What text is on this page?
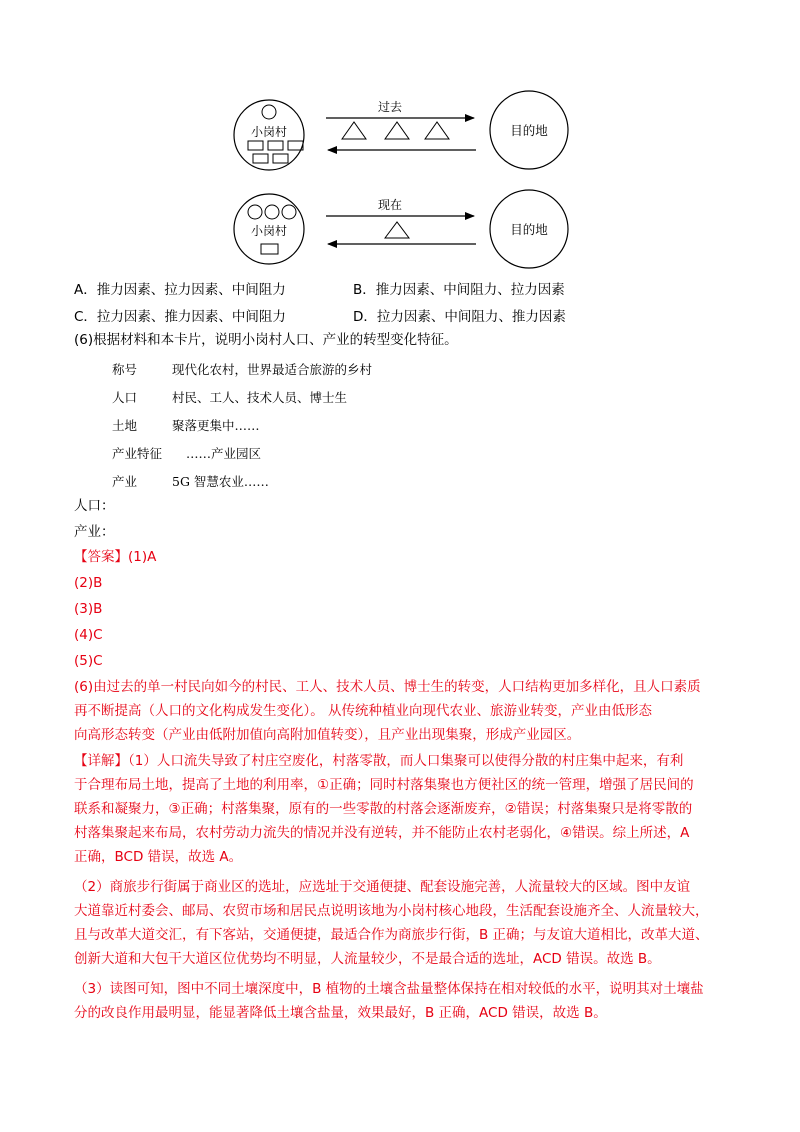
小岗村
过去
目的地
小岗村
现在
目的地
A．推力因素、拉力因素、中间阻力	B．推力因素、中间阻力、拉力因素
C．拉力因素、推力因素、中间阻力	D．拉力因素、中间阻力、推力因素
(6)根据材料和本卡片，说明小岗村人口、产业的转型变化特征。
称号	现代化农村，世界最适合旅游的乡村
人口	村民、工人、技术人员、博士生
土地	聚落更集中……
产业特征 ……产业园区
产业	5G 智慧农业……
人口：
产业：
【答案】(1)A
(2)B
(3)B
(4)C
(5)C
(6)由过去的单一村民向如今的村民、工人、技术人员、博士生的转变，人口结构更加多样化，且人口素质
再不断提高（人口的文化构成发生变化）。 从传统种植业向现代农业、旅游业转变，产业由低形态
向高形态转变（产业由低附加值向高附加值转变），且产业出现集聚，形成产业园区。
【详解】（1）人口流失导致了村庄空废化，村落零散，而人口集聚可以使得分散的村庄集中起来，有利
于合理布局土地，提高了土地的利用率，①正确；同时村落集聚也方便社区的统一管理，增强了居民间的
联系和凝聚力，③正确；村落集聚，原有的一些零散的村落会逐渐废弃，②错误；村落集聚只是将零散的
村落集聚起来布局，农村劳动力流失的情况并没有逆转，并不能防止农村老弱化，④错误。综上所述，A
正确，BCD 错误，故选 A。
（2）商旅步行街属于商业区的选址，应选址于交通便捷、配套设施完善，人流量较大的区域。图中友谊
大道靠近村委会、邮局、农贸市场和居民点说明该地为小岗村核心地段，生活配套设施齐全、人流量较大，
且与改革大道交汇，有下客站，交通便捷，最适合作为商旅步行街，B 正确；与友谊大道相比，改革大道、
创新大道和大包干大道区位优势均不明显，人流量较少，不是最合适的选址，ACD 错误。故选 B。
（3）读图可知，图中不同土壤深度中，B 植物的土壤含盐量整体保持在相对较低的水平，说明其对土壤盐
分的改良作用最明显，能显著降低土壤含盐量，效果最好，B 正确，ACD 错误，故选 B。
